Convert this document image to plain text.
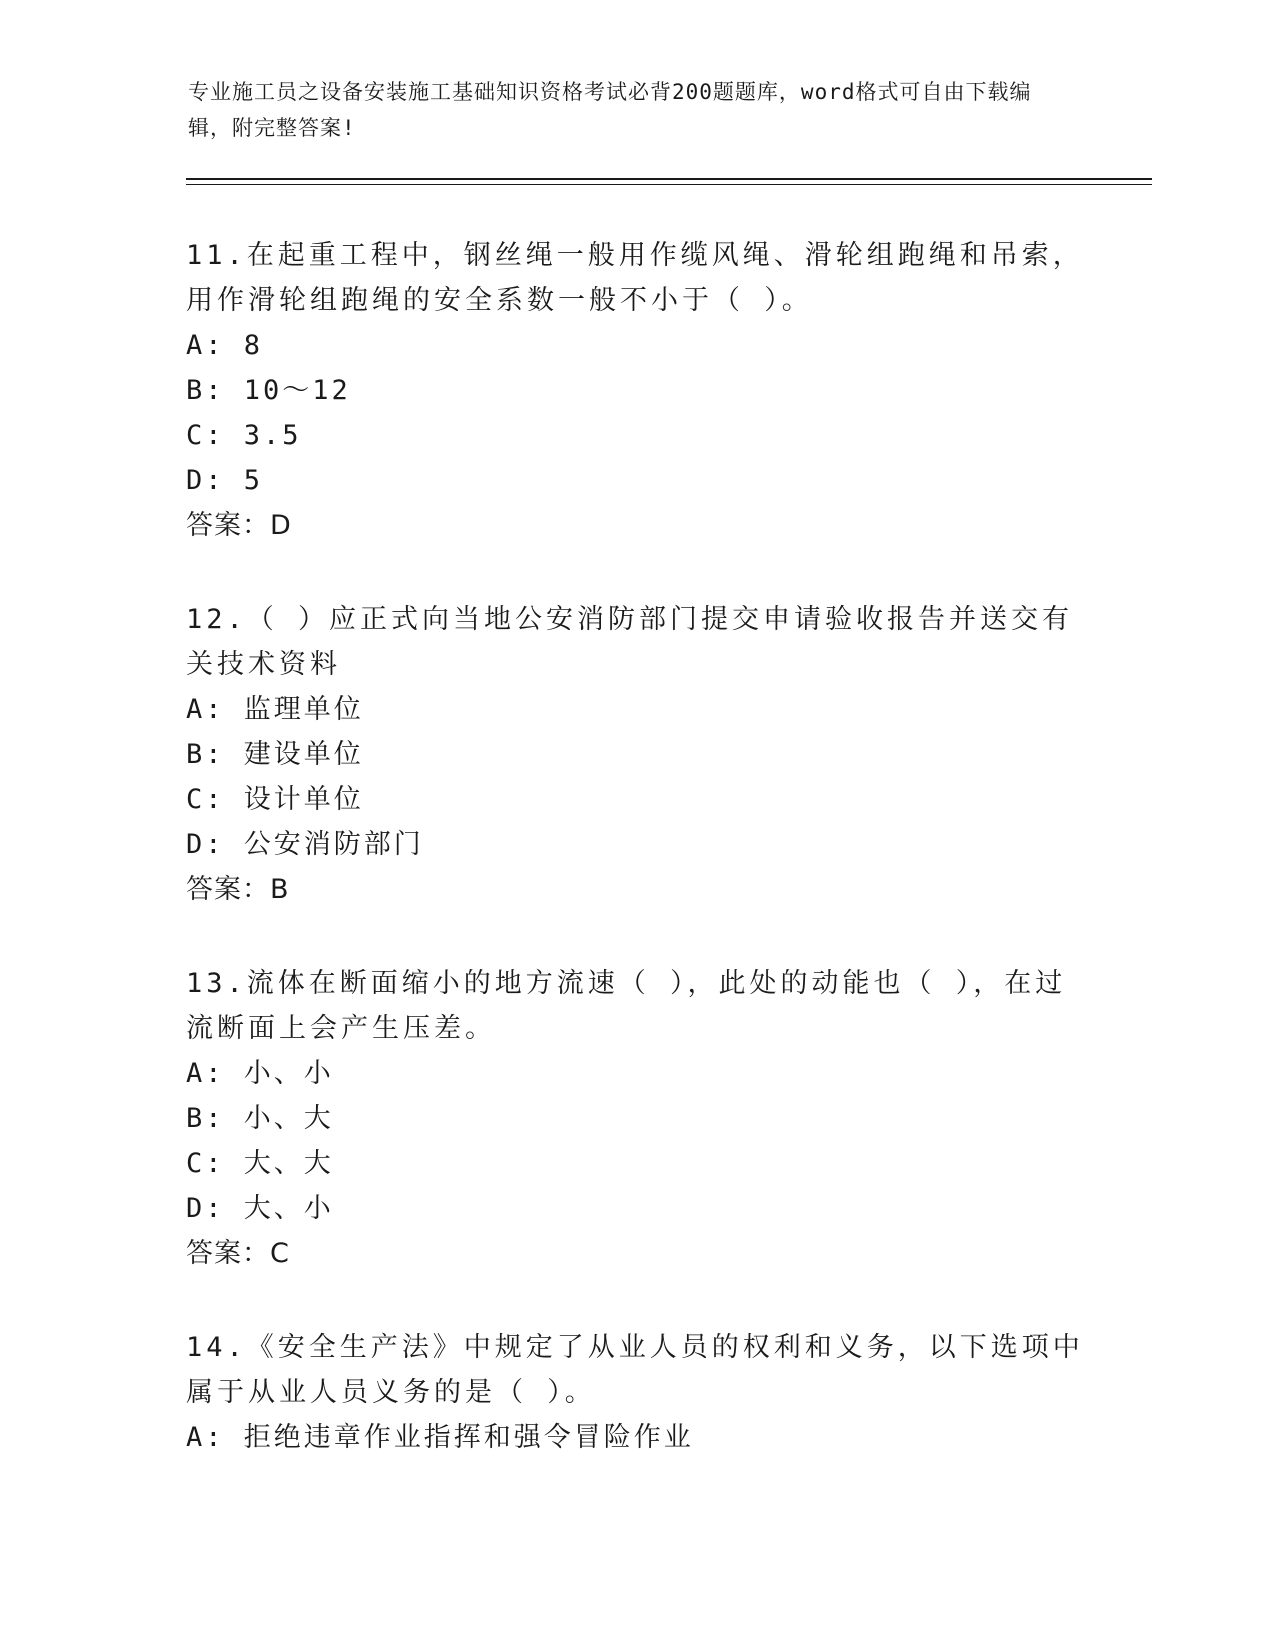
专业施工员之设备安装施工基础知识资格考试必背200题题库，word格式可自由下载编辑，附完整答案!

11.在起重工程中，钢丝绳一般用作缆风绳、滑轮组跑绳和吊索，用作滑轮组跑绳的安全系数一般不小于（ ）。

A: 8

B: 10～12

C: 3.5

D: 5

答案：D

12.（ ）应正式向当地公安消防部门提交申请验收报告并送交有关技术资料

A: 监理单位

B: 建设单位

C: 设计单位

D: 公安消防部门

答案：B

13.流体在断面缩小的地方流速（ ），此处的动能也（ ），在过流断面上会产生压差。

A: 小、小

B: 小、大

C: 大、大

D: 大、小

答案：C

14.《安全生产法》中规定了从业人员的权利和义务，以下选项中属于从业人员义务的是（ ）。

A: 拒绝违章作业指挥和强令冒险作业
